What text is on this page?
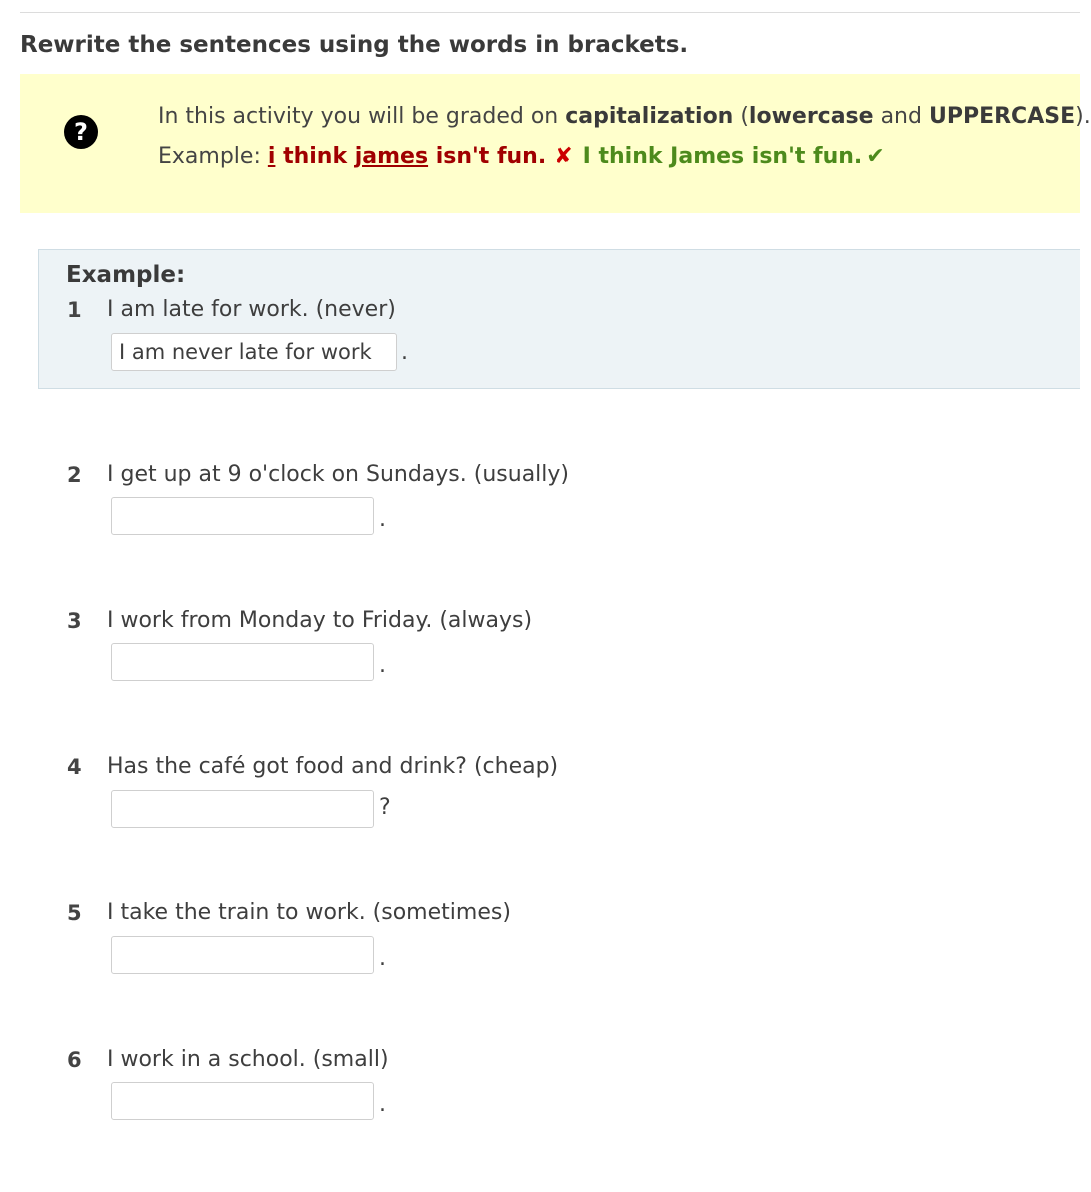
Rewrite the sentences using the words in brackets.
?
In this activity you will be graded on capitalization (lowercase and UPPERCASE).
Example: i think james isn't fun. ✘ I think James isn't fun. ✔
Example:
1 I am late for work. (never)
I am never late for work
.
2 I get up at 9 o'clock on Sundays. (usually)
.
3 I work from Monday to Friday. (always)
.
4 Has the café got food and drink? (cheap)
?
5 I take the train to work. (sometimes)
.
6 I work in a school. (small)
.
